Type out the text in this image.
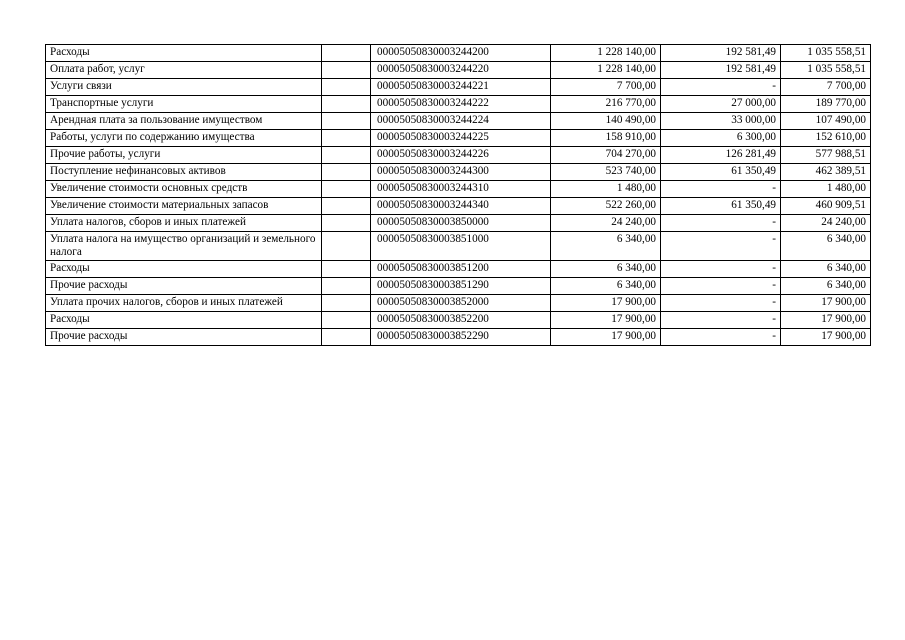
Расходы		00005050830003244200	1 228 140,00	192 581,49	1 035 558,51
Оплата работ, услуг		00005050830003244220	1 228 140,00	192 581,49	1 035 558,51
Услуги связи		00005050830003244221	7 700,00	-	7 700,00
Транспортные услуги		00005050830003244222	216 770,00	27 000,00	189 770,00
Арендная плата за пользование имуществом		00005050830003244224	140 490,00	33 000,00	107 490,00
Работы, услуги по содержанию имущества		00005050830003244225	158 910,00	6 300,00	152 610,00
Прочие работы, услуги		00005050830003244226	704 270,00	126 281,49	577 988,51
Поступление нефинансовых активов		00005050830003244300	523 740,00	61 350,49	462 389,51
Увеличение стоимости основных средств		00005050830003244310	1 480,00	-	1 480,00
Увеличение стоимости материальных запасов		00005050830003244340	522 260,00	61 350,49	460 909,51
Уплата налогов, сборов и иных платежей		00005050830003850000	24 240,00	-	24 240,00
Уплата налога на имущество организаций и земельного налога		00005050830003851000	6 340,00	-	6 340,00
Расходы		00005050830003851200	6 340,00	-	6 340,00
Прочие расходы		00005050830003851290	6 340,00	-	6 340,00
Уплата прочих налогов, сборов и иных платежей		00005050830003852000	17 900,00	-	17 900,00
Расходы		00005050830003852200	17 900,00	-	17 900,00
Прочие расходы		00005050830003852290	17 900,00	-	17 900,00
